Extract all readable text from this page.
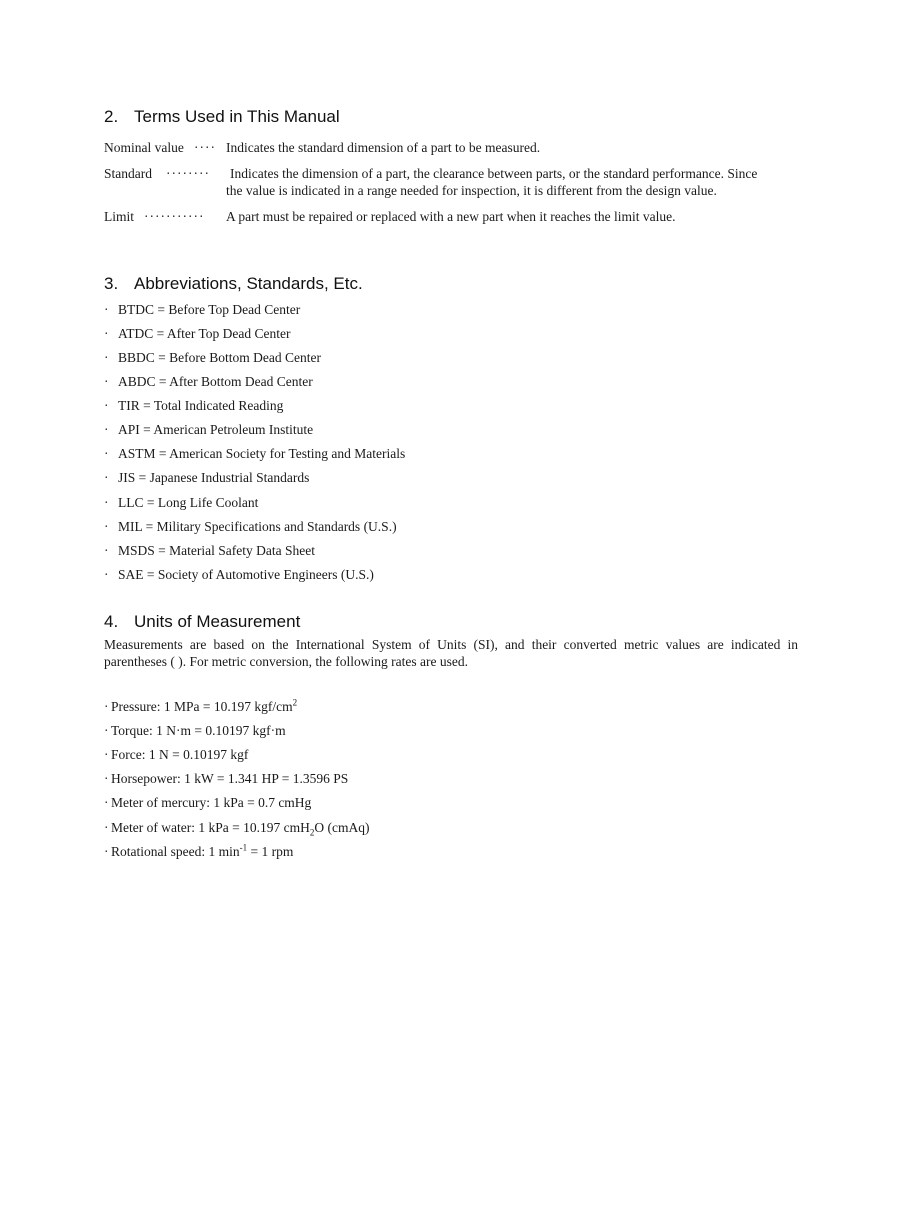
2. Terms Used in This Manual
Nominal value ···· Indicates the standard dimension of a part to be measured.
Standard ········ Indicates the dimension of a part, the clearance between parts, or the standard performance. Since
the value is indicated in a range needed for inspection, it is different from the design value.
Limit ··········· A part must be repaired or replaced with a new part when it reaches the limit value.
3. Abbreviations, Standards, Etc.
· BTDC = Before Top Dead Center
· ATDC = After Top Dead Center
· BBDC = Before Bottom Dead Center
· ABDC = After Bottom Dead Center
· TIR = Total Indicated Reading
· API = American Petroleum Institute
· ASTM = American Society for Testing and Materials
· JIS = Japanese Industrial Standards
· LLC = Long Life Coolant
· MIL = Military Specifications and Standards (U.S.)
· MSDS = Material Safety Data Sheet
· SAE = Society of Automotive Engineers (U.S.)
4. Units of Measurement

Measurements are based on the International System of Units (SI), and their converted metric values are indicated in parentheses ( ). For metric conversion, the following rates are used.

· Pressure: 1 MPa = 10.197 kgf/$cm^2$
· Torque: 1 N·m = 0.10197 kgf·m
· Force: 1 N = 0.10197 kgf
· Horsepower: 1 kW = 1.341 HP = 1.3596 PS
· Meter of mercury: 1 kPa = 0.7 cmHg
· Meter of water: 1 kPa = 10.197 cmH$_2$O (cmAq)
· Rotational speed: 1 $\min^{-1} = 1$ rpm
